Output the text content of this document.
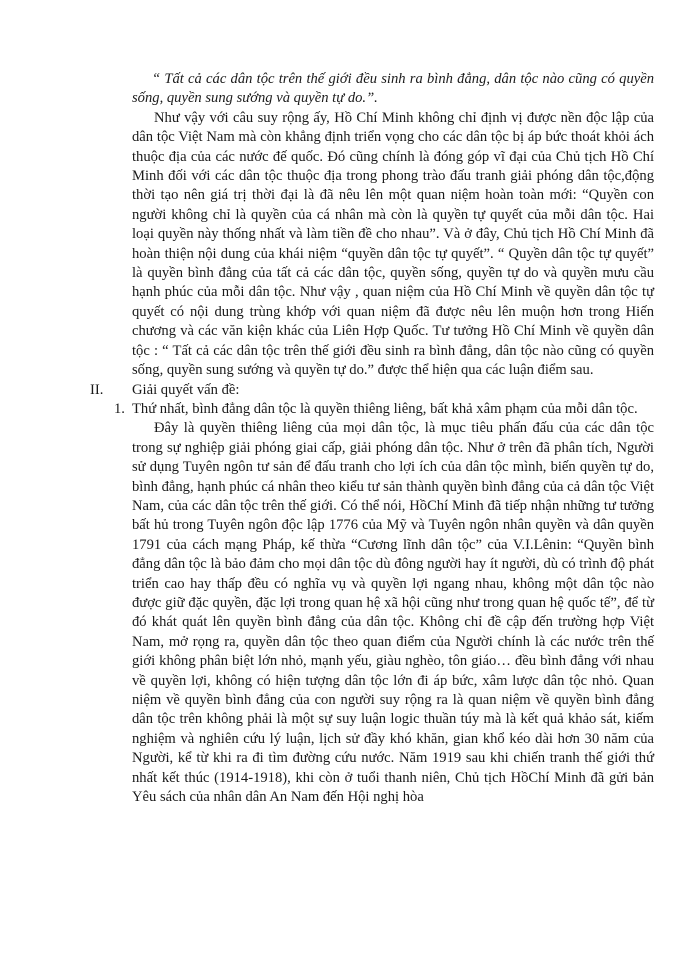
“ Tất cả các dân tộc trên thế giới đều sinh ra bình đẳng, dân tộc nào cũng có quyền sống, quyền sung sướng và quyền tự do.”.

Như vậy với câu suy rộng ấy, Hồ Chí Minh không chỉ định vị được nền độc lập của dân tộc Việt Nam mà còn khẳng định triển vọng cho các dân tộc bị áp bức thoát khỏi ách thuộc địa của các nước đế quốc. Đó cũng chính là đóng góp vĩ đại của Chủ tịch Hồ Chí Minh đối với các dân tộc thuộc địa trong phong trào đấu tranh giải phóng dân tộc,động thời tạo nên giá trị thời đại là đã nêu lên một quan niệm hoàn toàn mới: “Quyền con người không chỉ là quyền của cá nhân mà còn là quyền tự quyết của mỗi dân tộc. Hai loại quyền này thống nhất và làm tiền đề cho nhau”. Và ở đây, Chủ tịch Hồ Chí Minh đã hoàn thiện nội dung của khái niệm “quyền dân tộc tự quyết”. “ Quyền dân tộc tự quyết” là quyền bình đẳng của tất cả các dân tộc, quyền sống, quyền tự do và quyền mưu cầu hạnh phúc của mỗi dân tộc. Như vậy , quan niệm của Hồ Chí Minh về quyền dân tộc tự quyết có nội dung trùng khớp với quan niệm đã được nêu lên muộn hơn trong Hiến chương và các văn kiện khác của Liên Hợp Quốc. Tư tưởng Hồ Chí Minh về quyền dân tộc : “ Tất cả các dân tộc trên thế giới đều sinh ra bình đẳng, dân tộc nào cũng có quyền sống, quyền sung sướng và quyền tự do.” được thể hiện qua các luận điểm sau.

II. Giải quyết vấn đề:
1. Thứ nhất, bình đẳng dân tộc là quyền thiêng liêng, bất khả xâm phạm của mỗi dân tộc.

Đây là quyền thiêng liêng của mọi dân tộc, là mục tiêu phấn đấu của các dân tộc trong sự nghiệp giải phóng giai cấp, giải phóng dân tộc. Như ở trên đã phân tích, Người sử dụng Tuyên ngôn tư sản để đấu tranh cho lợi ích của dân tộc mình, biến quyền tự do, bình đẳng, hạnh phúc cá nhân theo kiểu tư sản thành quyền bình đẳng của cả dân tộc Việt Nam, của các dân tộc trên thế giới. Có thể nói, HồChí Minh đã tiếp nhận những tư tưởng bất hủ trong Tuyên ngôn độc lập 1776 của Mỹ và Tuyên ngôn nhân quyền và dân quyền 1791 của cách mạng Pháp, kế thừa “Cương lĩnh dân tộc” của V.I.Lênin: “Quyền bình đẳng dân tộc là bảo đảm cho mọi dân tộc dù đông người hay ít người, dù có trình độ phát triển cao hay thấp đều có nghĩa vụ và quyền lợi ngang nhau, không một dân tộc nào được giữ đặc quyền, đặc lợi trong quan hệ xã hội cũng như trong quan hệ quốc tế”, để từ đó khát quát lên quyền bình đẳng của dân tộc. Không chỉ đề cập đến trường hợp Việt Nam, mở rọng ra, quyền dân tộc theo quan điểm của Người chính là các nước trên thế giới không phân biệt lớn nhỏ, mạnh yếu, giàu nghèo, tôn giáo… đều bình đẳng với nhau về quyền lợi, không có hiện tượng dân tộc lớn đi áp bức, xâm lược dân tộc nhỏ. Quan niệm về quyền bình đẳng của con người suy rộng ra là quan niệm về quyền bình đẳng dân tộc trên không phải là một sự suy luận logic thuần túy mà là kết quả khảo sát, kiếm nghiệm và nghiên cứu lý luận, lịch sử đầy khó khăn, gian khổ kéo dài hơn 30 năm của Người, kể từ khi ra đi tìm đường cứu nước. Năm 1919 sau khi chiến tranh thế giới thứ nhất kết thúc (1914-1918), khi còn ở tuổi thanh niên, Chủ tịch HồChí Minh đã gửi bản Yêu sách của nhân dân An Nam đến Hội nghị hòa
